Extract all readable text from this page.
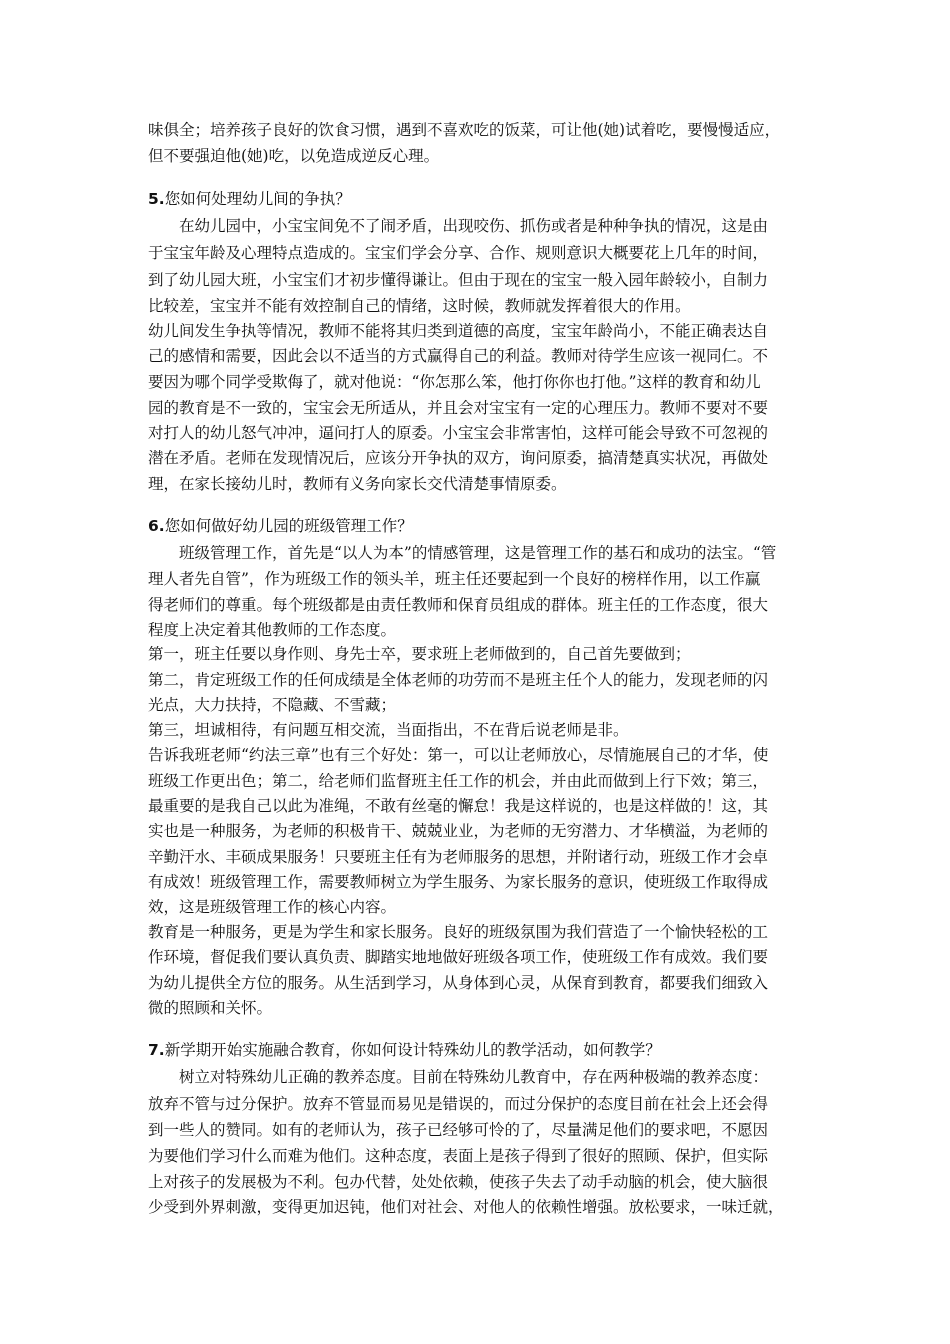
味俱全；培养孩子良好的饮食习惯，遇到不喜欢吃的饭菜，可让他(她)试着吃，要慢慢适应，
但不要强迫他(她)吃，以免造成逆反心理。
5.您如何处理幼儿间的争执？
　　在幼儿园中，小宝宝间免不了闹矛盾，出现咬伤、抓伤或者是种种争执的情况，这是由
于宝宝年龄及心理特点造成的。宝宝们学会分享、合作、规则意识大概要花上几年的时间，
到了幼儿园大班，小宝宝们才初步懂得谦让。但由于现在的宝宝一般入园年龄较小，自制力
比较差，宝宝并不能有效控制自己的情绪，这时候，教师就发挥着很大的作用。
幼儿间发生争执等情况，教师不能将其归类到道德的高度，宝宝年龄尚小，不能正确表达自
己的感情和需要，因此会以不适当的方式赢得自己的利益。教师对待学生应该一视同仁。不
要因为哪个同学受欺侮了，就对他说：“你怎那么笨，他打你你也打他。”这样的教育和幼儿
园的教育是不一致的，宝宝会无所适从，并且会对宝宝有一定的心理压力。教师不要对不要
对打人的幼儿怒气冲冲，逼问打人的原委。小宝宝会非常害怕，这样可能会导致不可忽视的
潜在矛盾。老师在发现情况后，应该分开争执的双方，询问原委，搞清楚真实状况，再做处
理，在家长接幼儿时，教师有义务向家长交代清楚事情原委。
6.您如何做好幼儿园的班级管理工作？
　　班级管理工作，首先是“以人为本”的情感管理，这是管理工作的基石和成功的法宝。“管
理人者先自管”，作为班级工作的领头羊，班主任还要起到一个良好的榜样作用，以工作赢
得老师们的尊重。每个班级都是由责任教师和保育员组成的群体。班主任的工作态度，很大
程度上决定着其他教师的工作态度。
第一，班主任要以身作则、身先士卒，要求班上老师做到的，自己首先要做到；
第二，肯定班级工作的任何成绩是全体老师的功劳而不是班主任个人的能力，发现老师的闪
光点，大力扶持，不隐藏、不雪藏；
第三，坦诚相待，有问题互相交流，当面指出，不在背后说老师是非。
告诉我班老师“约法三章”也有三个好处：第一，可以让老师放心，尽情施展自己的才华，使
班级工作更出色；第二，给老师们监督班主任工作的机会，并由此而做到上行下效；第三，
最重要的是我自己以此为准绳，不敢有丝毫的懈怠！我是这样说的，也是这样做的！这，其
实也是一种服务，为老师的积极肯干、兢兢业业，为老师的无穷潜力、才华横溢，为老师的
辛勤汗水、丰硕成果服务！只要班主任有为老师服务的思想，并附诸行动，班级工作才会卓
有成效！班级管理工作，需要教师树立为学生服务、为家长服务的意识，使班级工作取得成
效，这是班级管理工作的核心内容。
教育是一种服务，更是为学生和家长服务。良好的班级氛围为我们营造了一个愉快轻松的工
作环境，督促我们要认真负责、脚踏实地地做好班级各项工作，使班级工作有成效。我们要
为幼儿提供全方位的服务。从生活到学习，从身体到心灵，从保育到教育，都要我们细致入
微的照顾和关怀。
7.新学期开始实施融合教育，你如何设计特殊幼儿的教学活动，如何教学？
　　树立对特殊幼儿正确的教养态度。目前在特殊幼儿教育中，存在两种极端的教养态度：
放弃不管与过分保护。放弃不管显而易见是错误的，而过分保护的态度目前在社会上还会得
到一些人的赞同。如有的老师认为，孩子已经够可怜的了，尽量满足他们的要求吧，不愿因
为要他们学习什么而难为他们。这种态度，表面上是孩子得到了很好的照顾、保护，但实际
上对孩子的发展极为不利。包办代替，处处依赖，使孩子失去了动手动脑的机会，使大脑很
少受到外界刺激，变得更加迟钝，他们对社会、对他人的依赖性增强。放松要求，一味迁就，
